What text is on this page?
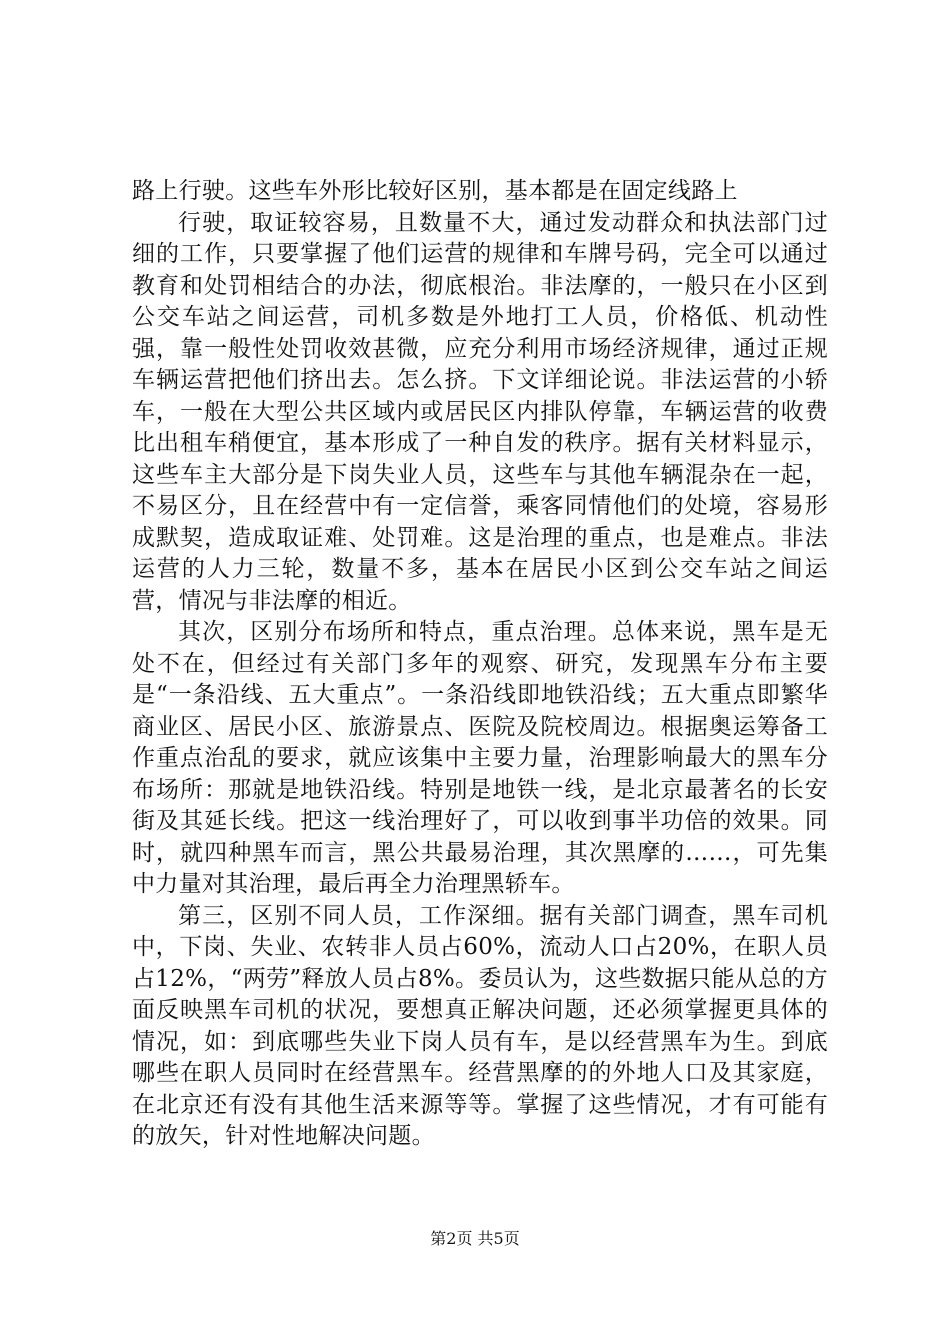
路上行驶。这些车外形比较好区别，基本都是在固定线路上

行驶，取证较容易，且数量不大，通过发动群众和执法部门过细的工作，只要掌握了他们运营的规律和车牌号码，完全可以通过教育和处罚相结合的办法，彻底根治。非法摩的，一般只在小区到公交车站之间运营，司机多数是外地打工人员，价格低、机动性强，靠一般性处罚收效甚微，应充分利用市场经济规律，通过正规车辆运营把他们挤出去。怎么挤。下文详细论说。非法运营的小轿车，一般在大型公共区域内或居民区内排队停靠，车辆运营的收费比出租车稍便宜，基本形成了一种自发的秩序。据有关材料显示，这些车主大部分是下岗失业人员，这些车与其他车辆混杂在一起，不易区分，且在经营中有一定信誉，乘客同情他们的处境，容易形成默契，造成取证难、处罚难。这是治理的重点，也是难点。非法运营的人力三轮，数量不多，基本在居民小区到公交车站之间运营，情况与非法摩的相近。

其次，区别分布场所和特点，重点治理。总体来说，黑车是无处不在，但经过有关部门多年的观察、研究，发现黑车分布主要是“一条沿线、五大重点”。一条沿线即地铁沿线；五大重点即繁华商业区、居民小区、旅游景点、医院及院校周边。根据奥运筹备工作重点治乱的要求，就应该集中主要力量，治理影响最大的黑车分布场所：那就是地铁沿线。特别是地铁一线，是北京最著名的长安街及其延长线。把这一线治理好了，可以收到事半功倍的效果。同时，就四种黑车而言，黑公共最易治理，其次黑摩的……，可先集中力量对其治理，最后再全力治理黑轿车。

第三，区别不同人员，工作深细。据有关部门调查，黑车司机中，下岗、失业、农转非人员占60%，流动人口占20%，在职人员占12%，“两劳”释放人员占8%。委员认为，这些数据只能从总的方面反映黑车司机的状况，要想真正解决问题，还必须掌握更具体的情况，如：到底哪些失业下岗人员有车，是以经营黑车为生。到底哪些在职人员同时在经营黑车。经营黑摩的的外地人口及其家庭，在北京还有没有其他生活来源等等。掌握了这些情况，才有可能有的放矢，针对性地解决问题。

第2页 共5页
